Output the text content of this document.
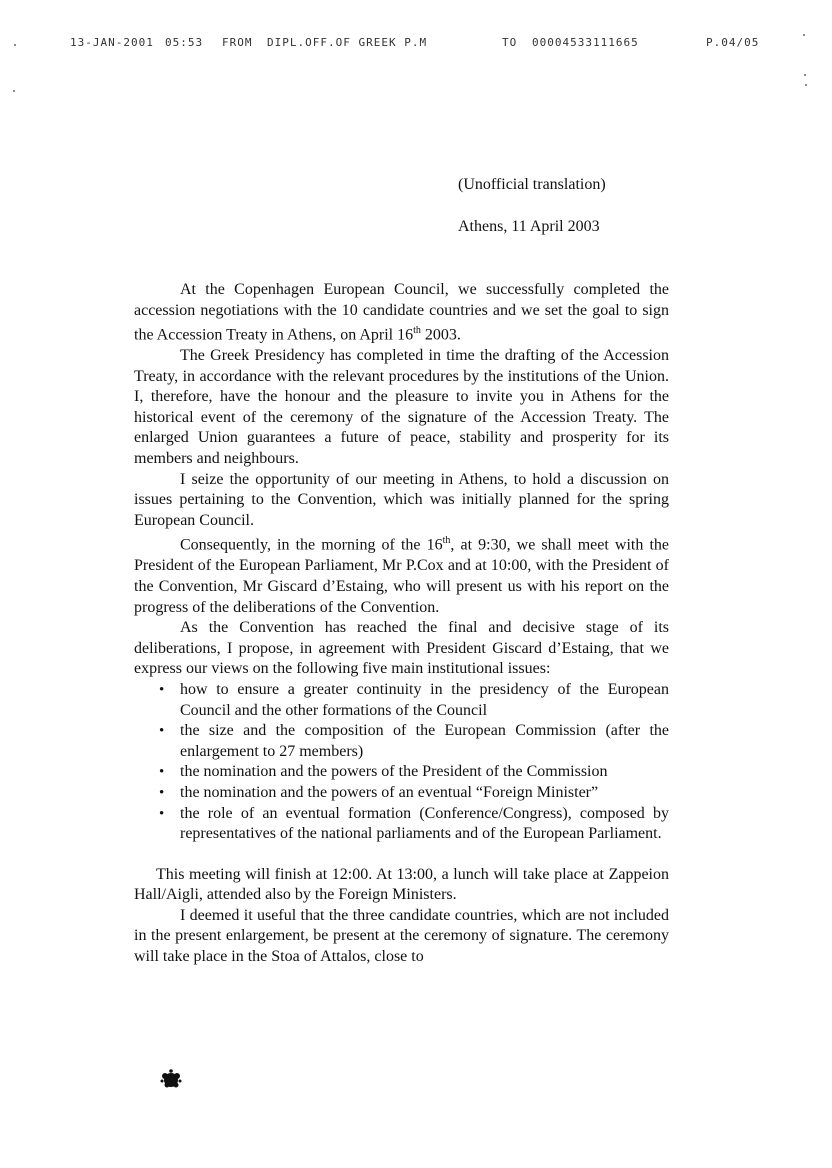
13-JAN-2001 05:53 FROM DIPL.OFF.OF GREEK P.M	TO 00004533111665	P.04/05
(Unofficial translation)
Athens, 11 April 2003

At the Copenhagen European Council, we successfully completed the accession negotiations with the 10 candidate countries and we set the goal to sign the Accession Treaty in Athens, on April 16th 2003.

The Greek Presidency has completed in time the drafting of the Accession Treaty, in accordance with the relevant procedures by the institutions of the Union. I, therefore, have the honour and the pleasure to invite you in Athens for the historical event of the ceremony of the signature of the Accession Treaty. The enlarged Union guarantees a future of peace, stability and prosperity for its members and neighbours.

I seize the opportunity of our meeting in Athens, to hold a discussion on issues pertaining to the Convention, which was initially planned for the spring European Council.

Consequently, in the morning of the 16th, at 9:30, we shall meet with the President of the European Parliament, Mr P.Cox and at 10:00, with the President of the Convention, Mr Giscard d’Estaing, who will present us with his report on the progress of the deliberations of the Convention.

As the Convention has reached the final and decisive stage of its deliberations, I propose, in agreement with President Giscard d’Estaing, that we express our views on the following five main institutional issues:

• how to ensure a greater continuity in the presidency of the European Council and the other formations of the Council
• the size and the composition of the European Commission (after the enlargement to 27 members)
• the nomination and the powers of the President of the Commission
• the nomination and the powers of an eventual “Foreign Minister”
• the role of an eventual formation (Conference/Congress), composed by representatives of the national parliaments and of the European Parliament.

This meeting will finish at 12:00. At 13:00, a lunch will take place at Zappeion Hall/Aigli, attended also by the Foreign Ministers.

I deemed it useful that the three candidate countries, which are not included in the present enlargement, be present at the ceremony of signature. The ceremony will take place in the Stoa of Attalos, close to
